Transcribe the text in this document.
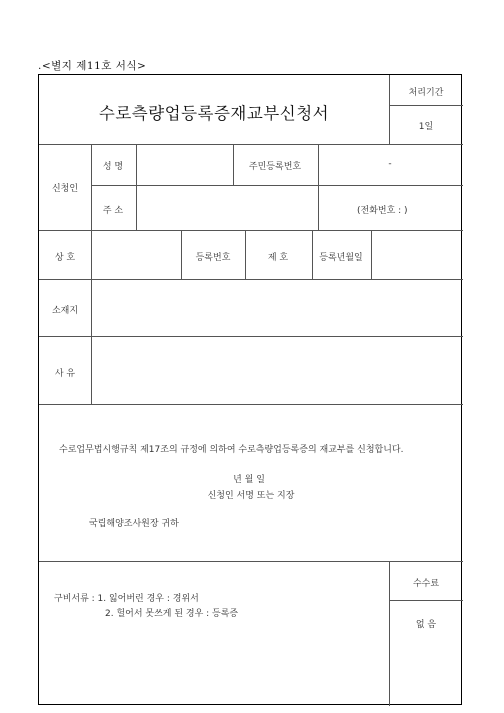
.<별지 제11호 서식>
수로측량업등록증재교부신청서
처리기간
1일
신청인
성 명	주민등록번호	-
주 소	(전화번호 : )
상 호	등록번호	제 호	등록년월일
소재지
사 유
수로업무법시행규칙 제17조의 규정에 의하여 수로측량업등록증의 재교부를 신청합니다.
년 월 일
신청인 서명 또는 지장
국립해양조사원장 귀하
구비서류 : 1. 잃어버린 경우 : 경위서
2. 헐어서 못쓰게 된 경우 : 등록증
수수료
없 음
